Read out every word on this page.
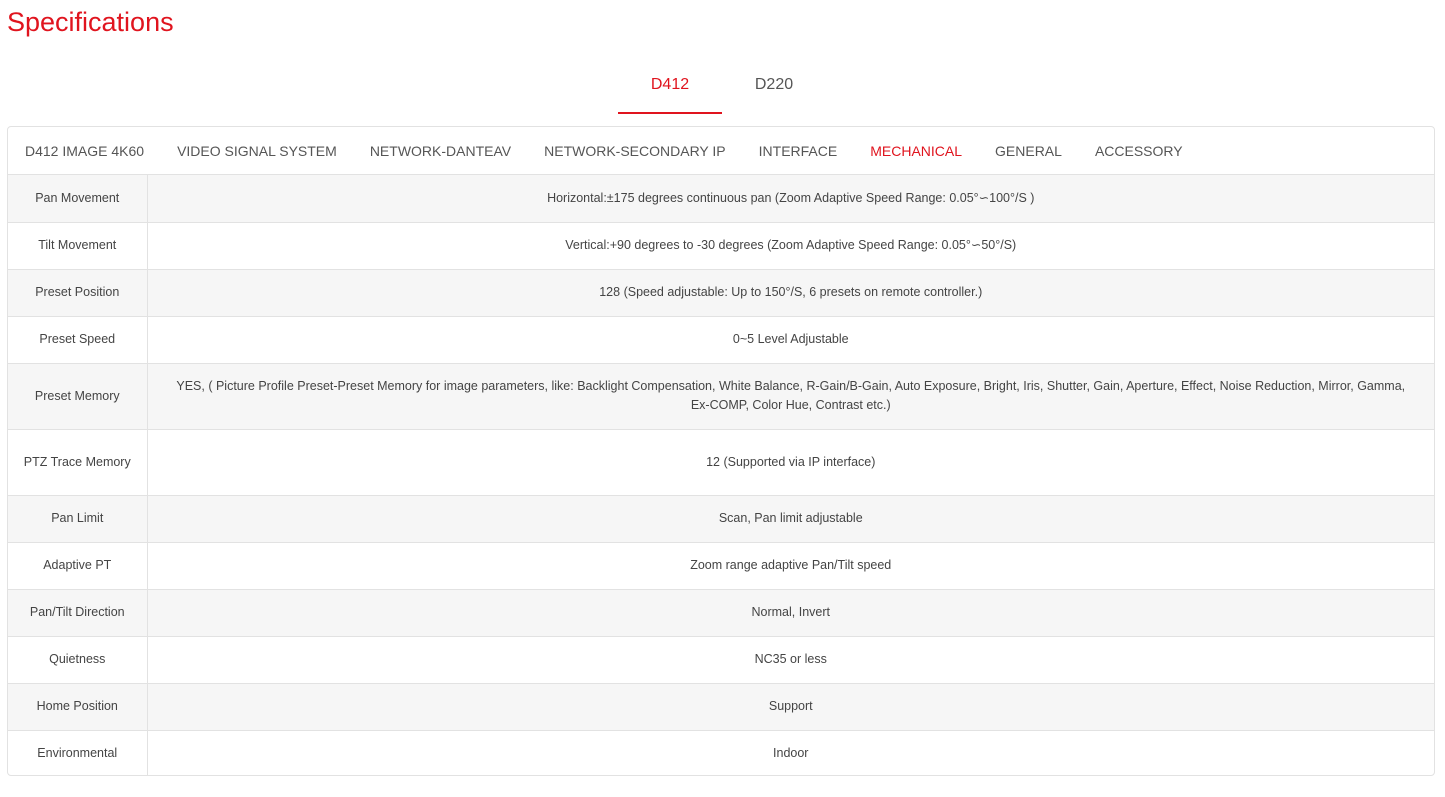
Specifications
D412	D220
D412 IMAGE 4K60 VIDEO SIGNAL SYSTEM NETWORK-DANTEAV NETWORK-SECONDARY IP INTERFACE MECHANICAL GENERAL ACCESSORY
Pan Movement	Horizontal:±175 degrees continuous pan (Zoom Adaptive Speed Range: 0.05°∽100°/S )
Tilt Movement	Vertical:+90 degrees to -30 degrees (Zoom Adaptive Speed Range: 0.05°∽50°/S)
Preset Position	128 (Speed adjustable: Up to 150°/S, 6 presets on remote controller.)
Preset Speed	0~5 Level Adjustable
Preset Memory	YES, ( Picture Profile Preset-Preset Memory for image parameters, like: Backlight Compensation, White Balance, R-Gain/B-Gain, Auto Exposure, Bright, Iris, Shutter, Gain, Aperture, Effect, Noise Reduction, Mirror, Gamma, Ex-COMP, Color Hue, Contrast etc.)
PTZ Trace Memory	12 (Supported via IP interface)
Pan Limit	Scan, Pan limit adjustable
Adaptive PT	Zoom range adaptive Pan/Tilt speed
Pan/Tilt Direction	Normal, Invert
Quietness	NC35 or less
Home Position	Support
Environmental	Indoor
